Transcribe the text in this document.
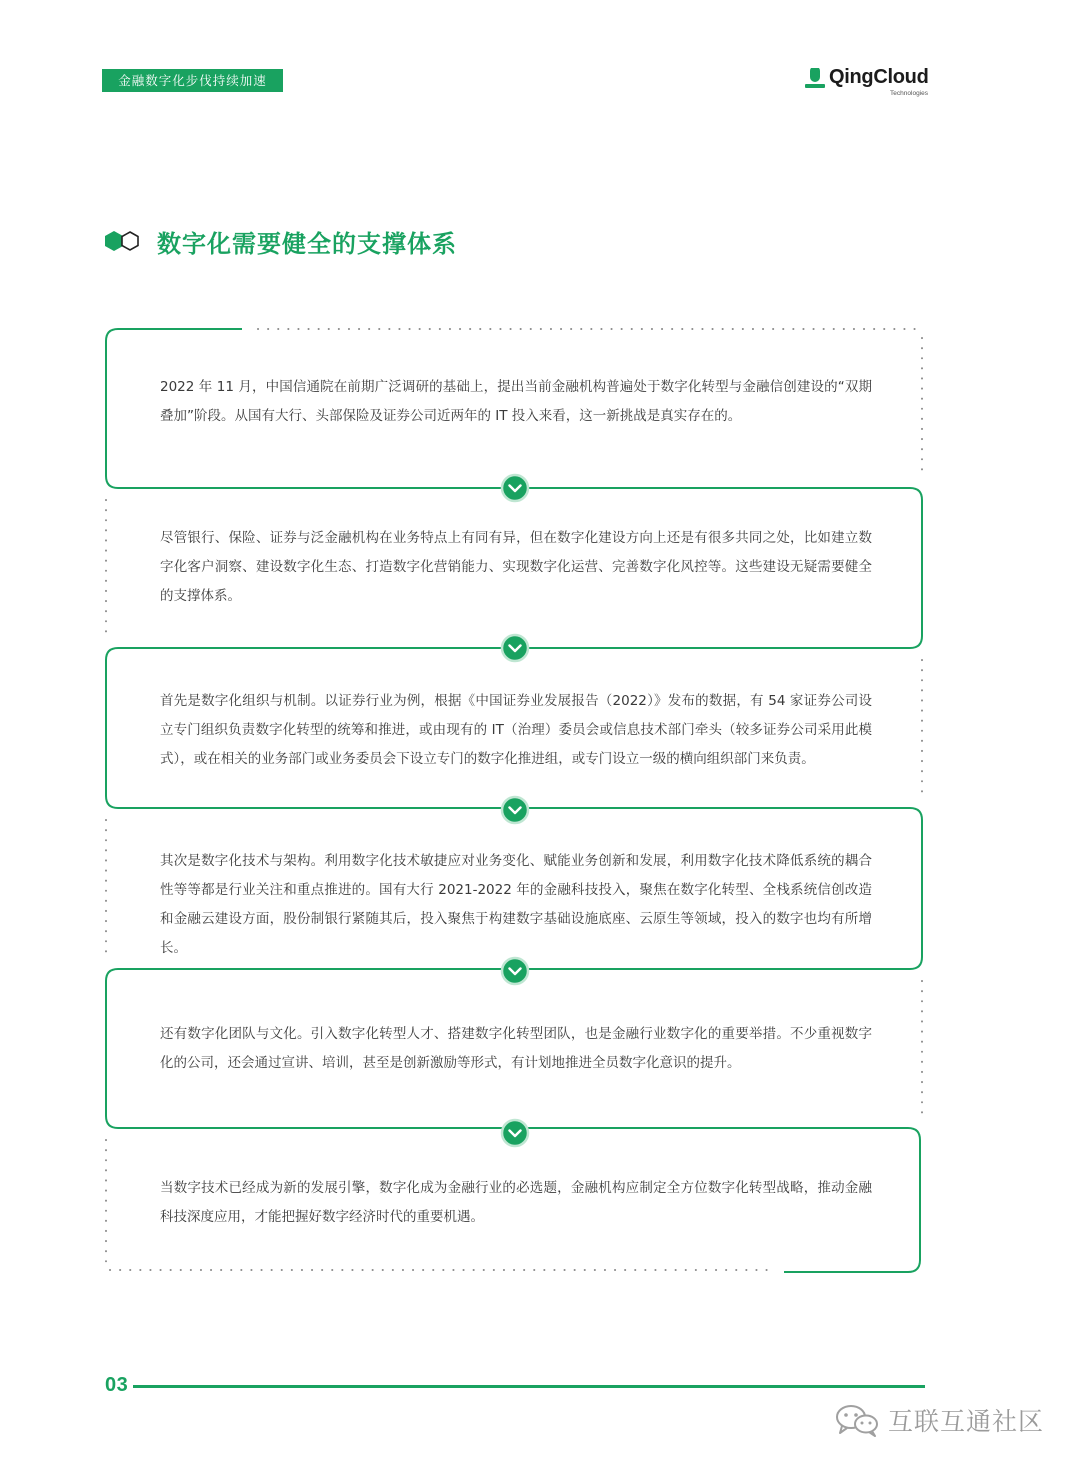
金融数字化步伐持续加速	QingCloud
Technologies
数字化需要健全的支撑体系

2022 年 11 月，中国信通院在前期广泛调研的基础上，提出当前金融机构普遍处于数字化转型与金融信创建设的“双期叠加”阶段。从国有大行、头部保险及证券公司近两年的 IT 投入来看，这一新挑战是真实存在的。

尽管银行、保险、证券与泛金融机构在业务特点上有同有异，但在数字化建设方向上还是有很多共同之处，比如建立数字化客户洞察、建设数字化生态、打造数字化营销能力、实现数字化运营、完善数字化风控等。这些建设无疑需要健全的支撑体系。

首先是数字化组织与机制。以证券行业为例，根据《中国证券业发展报告（2022）》发布的数据，有 54 家证券公司设立专门组织负责数字化转型的统筹和推进，或由现有的 IT（治理）委员会或信息技术部门牵头（较多证券公司采用此模式），或在相关的业务部门或业务委员会下设立专门的数字化推进组，或专门设立一级的横向组织部门来负责。

其次是数字化技术与架构。利用数字化技术敏捷应对业务变化、赋能业务创新和发展，利用数字化技术降低系统的耦合性等等都是行业关注和重点推进的。国有大行 2021-2022 年的金融科技投入，聚焦在数字化转型、全栈系统信创改造和金融云建设方面，股份制银行紧随其后，投入聚焦于构建数字基础设施底座、云原生等领域，投入的数字也均有所增长。

还有数字化团队与文化。引入数字化转型人才、搭建数字化转型团队，也是金融行业数字化的重要举措。不少重视数字化的公司，还会通过宣讲、培训，甚至是创新激励等形式，有计划地推进全员数字化意识的提升。

当数字技术已经成为新的发展引擎，数字化成为金融行业的必选题，金融机构应制定全方位数字化转型战略，推动金融科技深度应用，才能把握好数字经济时代的重要机遇。

03
互联互通社区
